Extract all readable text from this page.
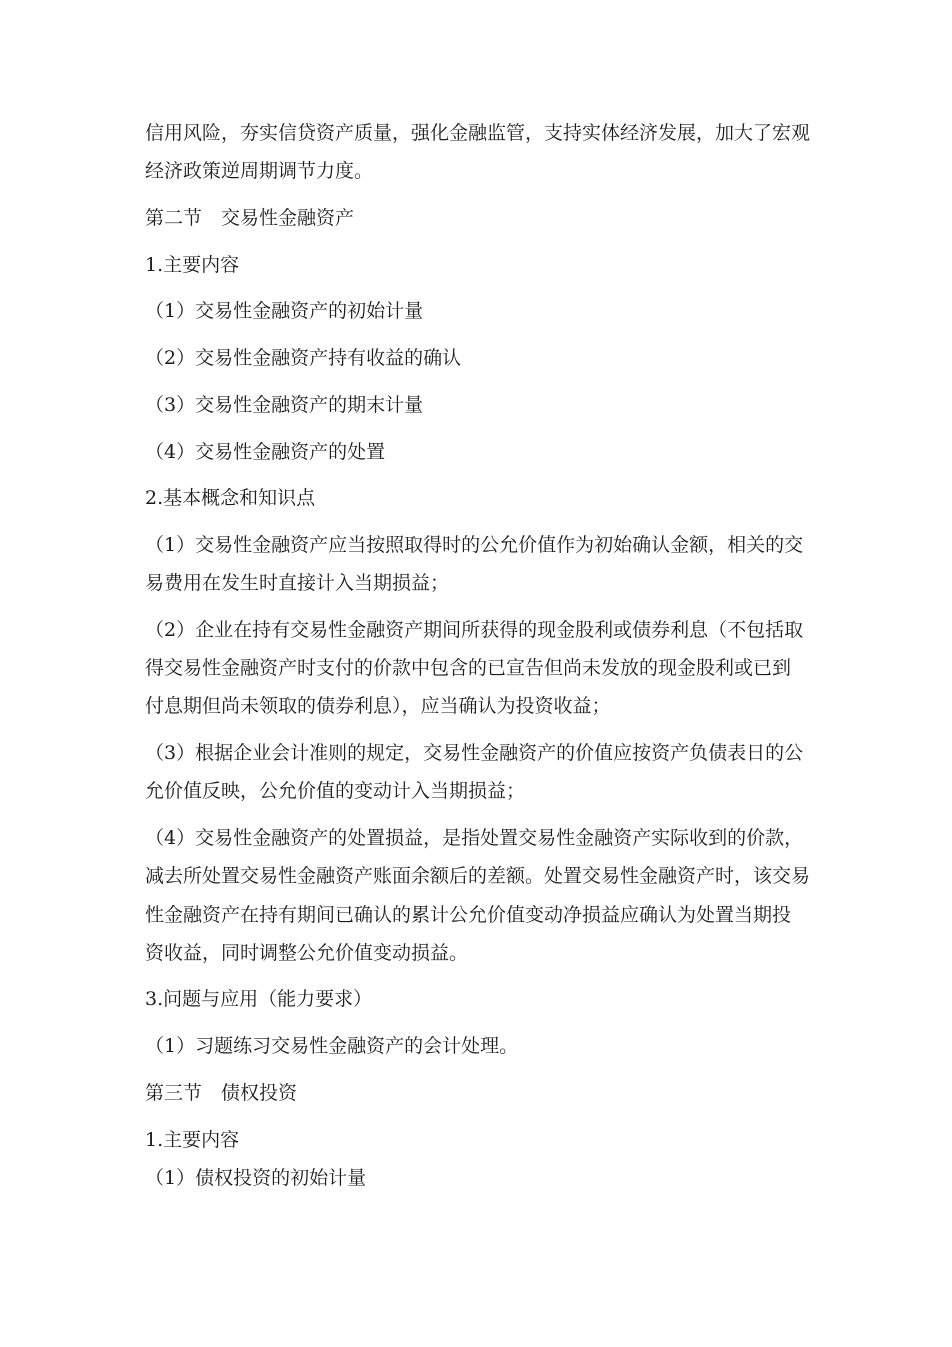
信用风险，夯实信贷资产质量，强化金融监管，支持实体经济发展，加大了宏观
经济政策逆周期调节力度。
第二节　交易性金融资产
1.主要内容
（1）交易性金融资产的初始计量
（2）交易性金融资产持有收益的确认
（3）交易性金融资产的期末计量
（4）交易性金融资产的处置
2.基本概念和知识点
（1）交易性金融资产应当按照取得时的公允价值作为初始确认金额，相关的交
易费用在发生时直接计入当期损益；
（2）企业在持有交易性金融资产期间所获得的现金股利或债券利息（不包括取
得交易性金融资产时支付的价款中包含的已宣告但尚未发放的现金股利或已到
付息期但尚未领取的债券利息），应当确认为投资收益；
（3）根据企业会计准则的规定，交易性金融资产的价值应按资产负债表日的公
允价值反映，公允价值的变动计入当期损益；
（4）交易性金融资产的处置损益，是指处置交易性金融资产实际收到的价款，
减去所处置交易性金融资产账面余额后的差额。处置交易性金融资产时，该交易
性金融资产在持有期间已确认的累计公允价值变动净损益应确认为处置当期投
资收益，同时调整公允价值变动损益。
3.问题与应用（能力要求）
（1）习题练习交易性金融资产的会计处理。
第三节　债权投资
1.主要内容
（1）债权投资的初始计量
